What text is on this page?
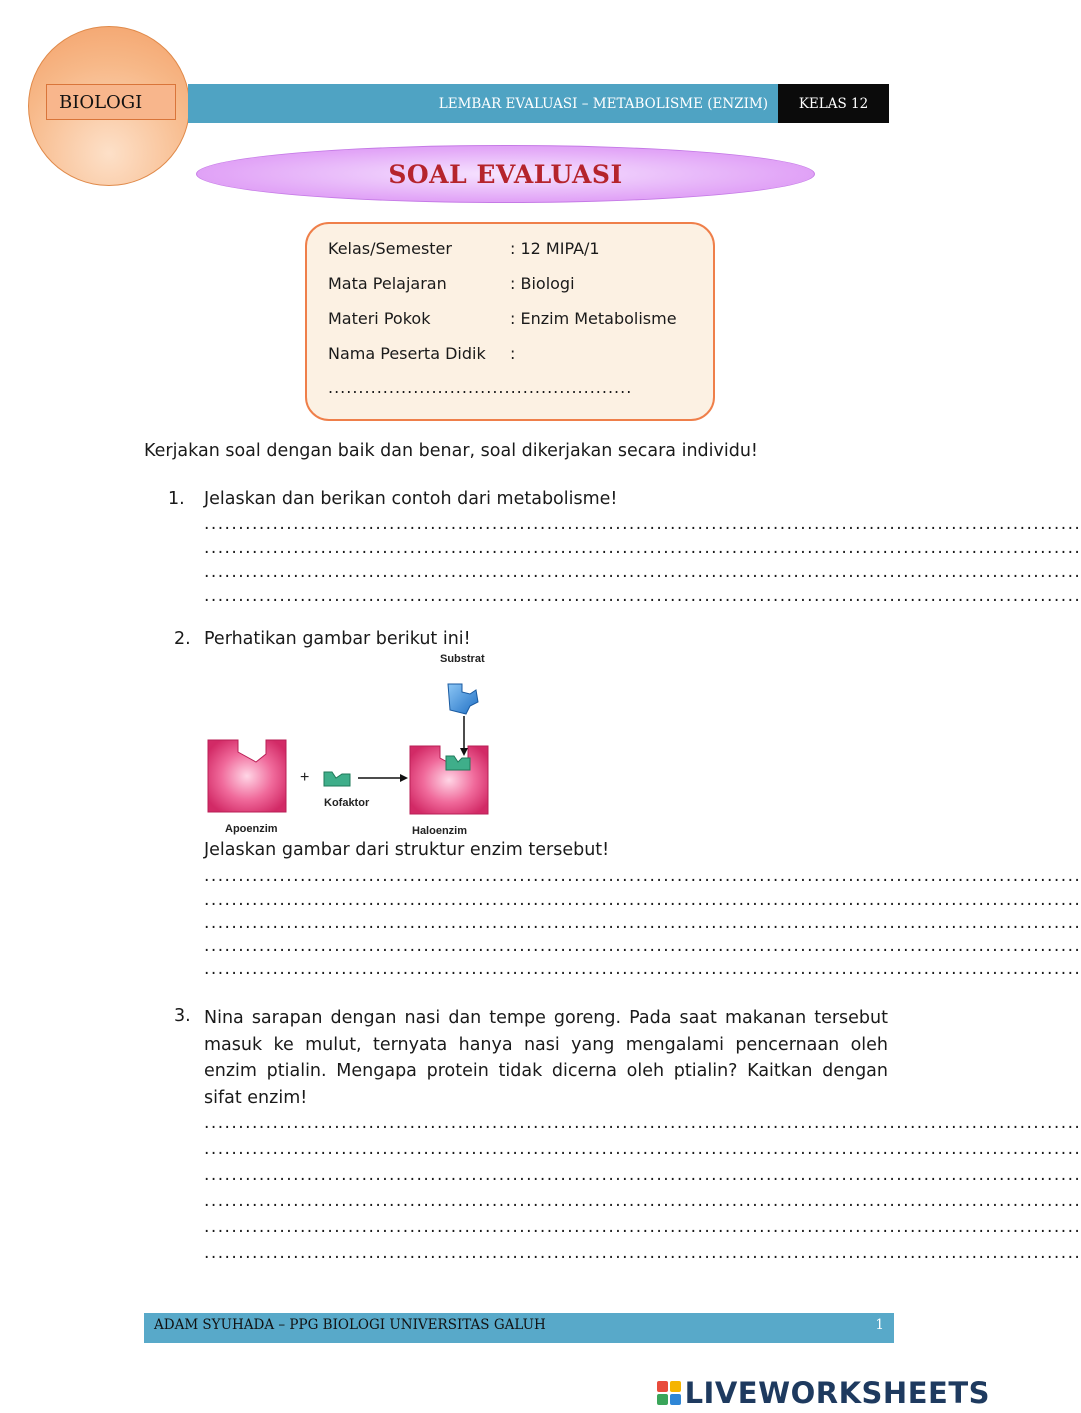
BIOLOGI	LEMBAR EVALUASI – METABOLISME (ENZIM)	KELAS 12
SOAL EVALUASI
Kelas/Semester	: 12 MIPA/1
Mata Pelajaran	: Biologi
Materi Pokok	: Enzim Metabolisme
Nama Peserta Didik :
..................................................
Kerjakan soal dengan baik dan benar, soal dikerjakan secara individu!
1. Jelaskan dan berikan contoh dari metabolisme!
................................................................................................................................
................................................................................................................................
................................................................................................................................
................................................................................................................................
2. Perhatikan gambar berikut ini!
+
Substrat
Kofaktor
Apoenzim	Haloenzim
Jelaskan gambar dari struktur enzim tersebut!
................................................................................................................................
................................................................................................................................
................................................................................................................................
................................................................................................................................
................................................................................................................................
3. Nina sarapan dengan nasi dan tempe goreng. Pada saat makanan tersebut masuk ke mulut, ternyata hanya nasi yang mengalami pencernaan oleh enzim ptialin. Mengapa protein tidak dicerna oleh ptialin? Kaitkan dengan sifat enzim!
................................................................................................................................
................................................................................................................................
................................................................................................................................
................................................................................................................................
................................................................................................................................
................................................................................................................................
ADAM SYUHADA – PPG BIOLOGI UNIVERSITAS GALUH	1
LIVEWORKSHEETS
